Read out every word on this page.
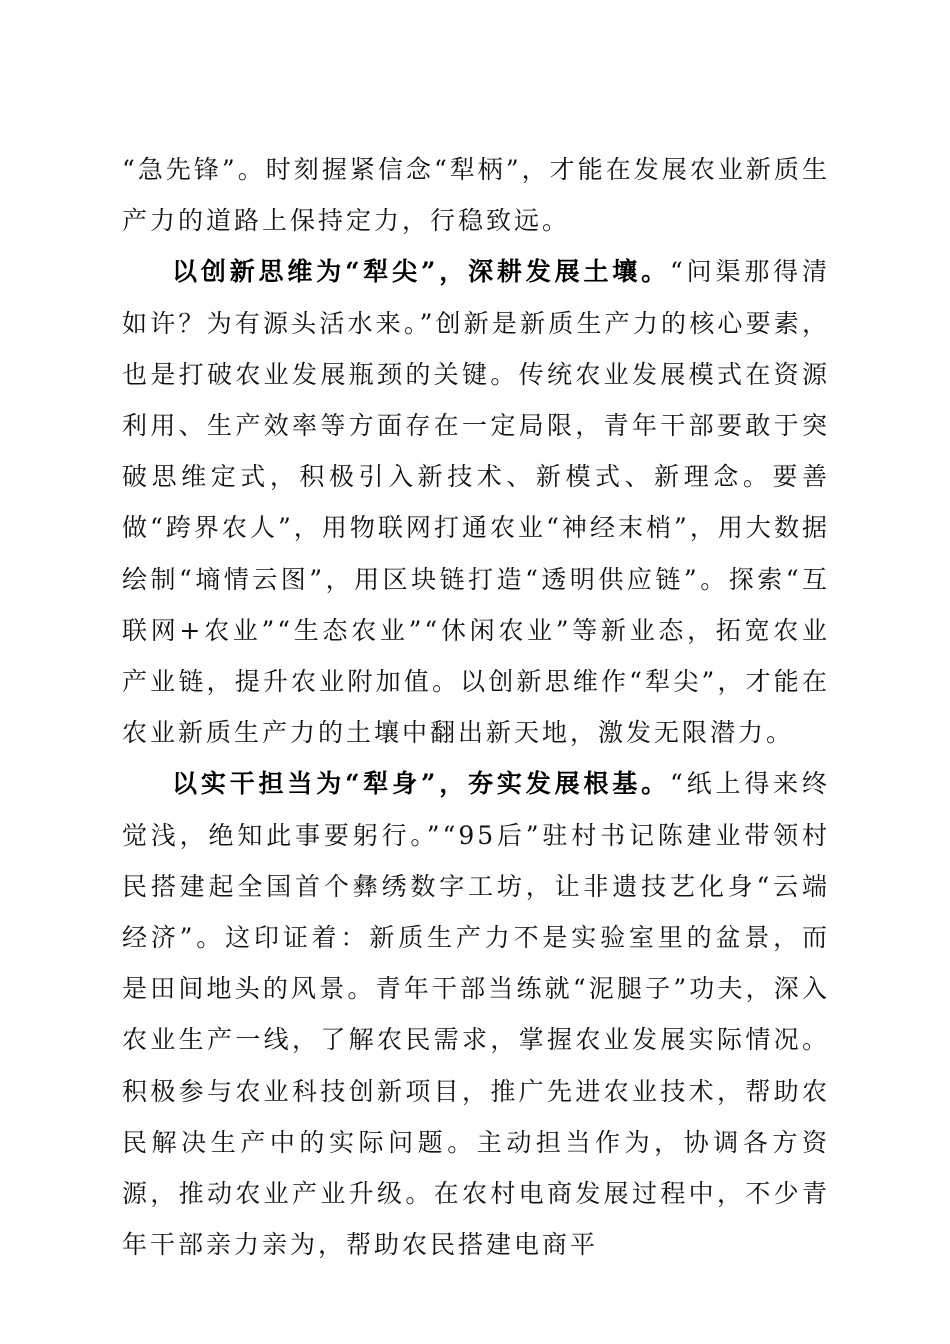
“急先锋”。时刻握紧信念“犁柄”，才能在发展农业新质生产力的道路上保持定力，行稳致远。

以创新思维为“犁尖”，深耕发展土壤。“问渠那得清如许？为有源头活水来。”创新是新质生产力的核心要素，也是打破农业发展瓶颈的关键。传统农业发展模式在资源利用、生产效率等方面存在一定局限，青年干部要敢于突破思维定式，积极引入新技术、新模式、新理念。要善做“跨界农人”，用物联网打通农业“神经末梢”，用大数据绘制“墒情云图”，用区块链打造“透明供应链”。探索“互联网+农业”“生态农业”“休闲农业”等新业态，拓宽农业产业链，提升农业附加值。以创新思维作“犁尖”，才能在农业新质生产力的土壤中翻出新天地，激发无限潜力。

以实干担当为“犁身”，夯实发展根基。“纸上得来终觉浅，绝知此事要躬行。”“95后”驻村书记陈建业带领村民搭建起全国首个彝绣数字工坊，让非遗技艺化身“云端经济”。这印证着：新质生产力不是实验室里的盆景，而是田间地头的风景。青年干部当练就“泥腿子”功夫，深入农业生产一线，了解农民需求，掌握农业发展实际情况。积极参与农业科技创新项目，推广先进农业技术，帮助农民解决生产中的实际问题。主动担当作为，协调各方资源，推动农业产业升级。在农村电商发展过程中，不少青年干部亲力亲为，帮助农民搭建电商平
